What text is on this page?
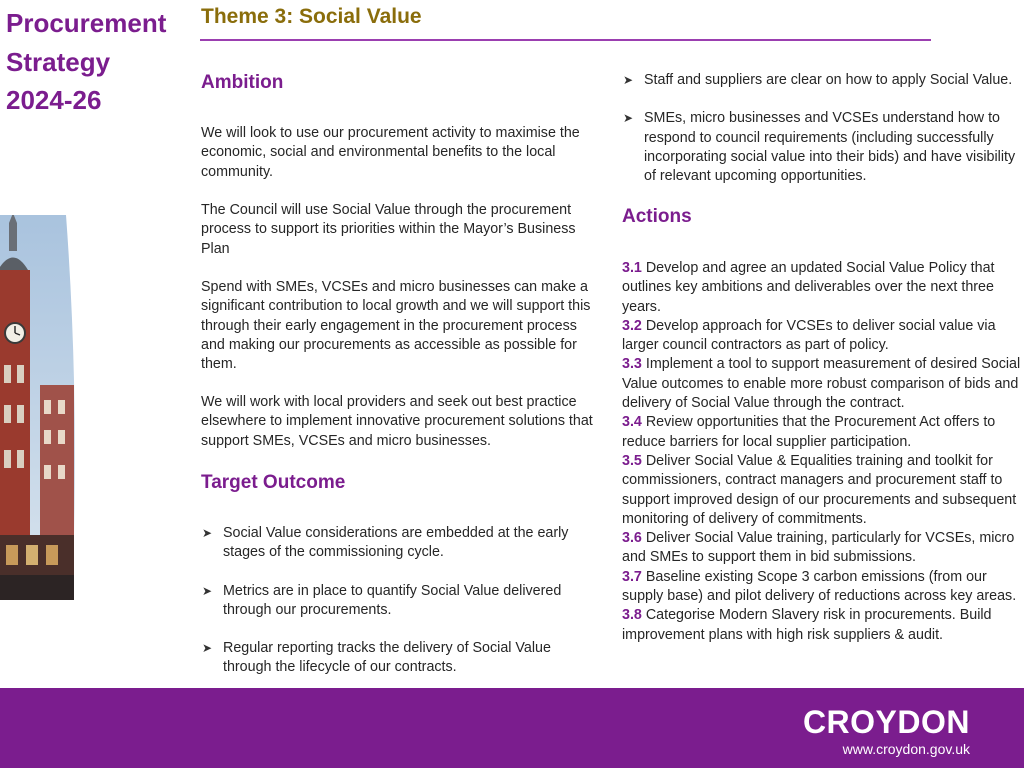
Procurement
Strategy
2024-26
Theme 3: Social Value
Ambition
We will look to use our procurement activity to maximise the economic, social and environmental benefits to the local community.
The Council will use Social Value through the procurement process to support its priorities within the Mayor’s Business Plan
Spend with SMEs, VCSEs and micro businesses can make a significant contribution to local growth and we will support this through their early engagement in the procurement process and making our procurements as accessible as possible for them.
We will work with local providers and seek out best practice elsewhere to implement innovative procurement solutions that support SMEs, VCSEs and micro businesses.
Target Outcome
➤ Social Value considerations are embedded at the early stages of the commissioning cycle.
➤ Metrics are in place to quantify Social Value delivered through our procurements.
➤ Regular reporting tracks the delivery of Social Value through the lifecycle of our contracts.
➤ Staff and suppliers are clear on how to apply Social Value.
➤ SMEs, micro businesses and VCSEs understand how to respond to council requirements (including successfully incorporating social value into their bids) and have visibility of relevant upcoming opportunities.
Actions
3.1 Develop and agree an updated Social Value Policy that outlines key ambitions and deliverables over the next three years.
3.2 Develop approach for VCSEs to deliver social value via larger council contractors as part of policy.
3.3 Implement a tool to support measurement of desired Social Value outcomes to enable more robust comparison of bids and delivery of Social Value through the contract.
3.4 Review opportunities that the Procurement Act offers to reduce barriers for local supplier participation.
3.5 Deliver Social Value & Equalities training and toolkit for commissioners, contract managers and procurement staff to support improved design of our procurements and subsequent monitoring of delivery of commitments.
3.6 Deliver Social Value training, particularly for VCSEs, micro and SMEs to support them in bid submissions.
3.7 Baseline existing Scope 3 carbon emissions (from our supply base) and pilot delivery of reductions across key areas.
3.8 Categorise Modern Slavery risk in procurements. Build improvement plans with high risk suppliers & audit.
CROYDON
www.croydon.gov.uk
